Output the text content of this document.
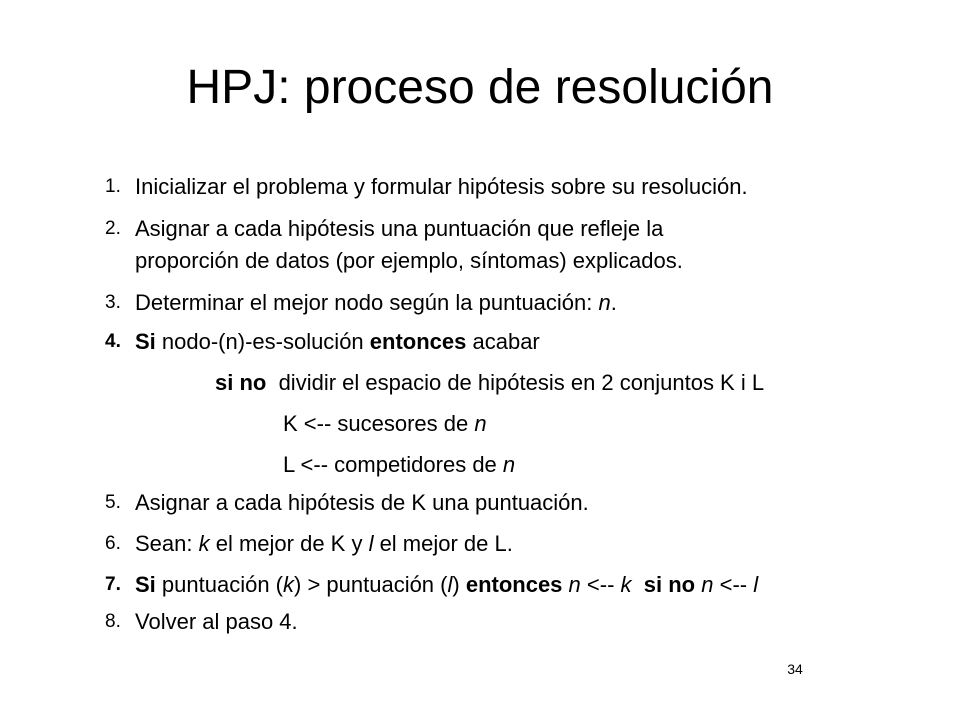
HPJ: proceso de resolución
1. Inicializar el problema y formular hipótesis sobre su resolución.
2. Asignar a cada hipótesis una puntuación que refleje la
proporción de datos (por ejemplo, síntomas) explicados.
3. Determinar el mejor nodo según la puntuación: n.
4. Si nodo-(n)-es-solución entonces acabar
si no  dividir el espacio de hipótesis en 2 conjuntos K i L
K <-- sucesores de n
L <-- competidores de n
5. Asignar a cada hipótesis de K una puntuación.
6. Sean: k el mejor de K y l el mejor de L.
7. Si puntuación (k) > puntuación (l) entonces n <-- k si no n <-- l
8. Volver al paso 4.
34
